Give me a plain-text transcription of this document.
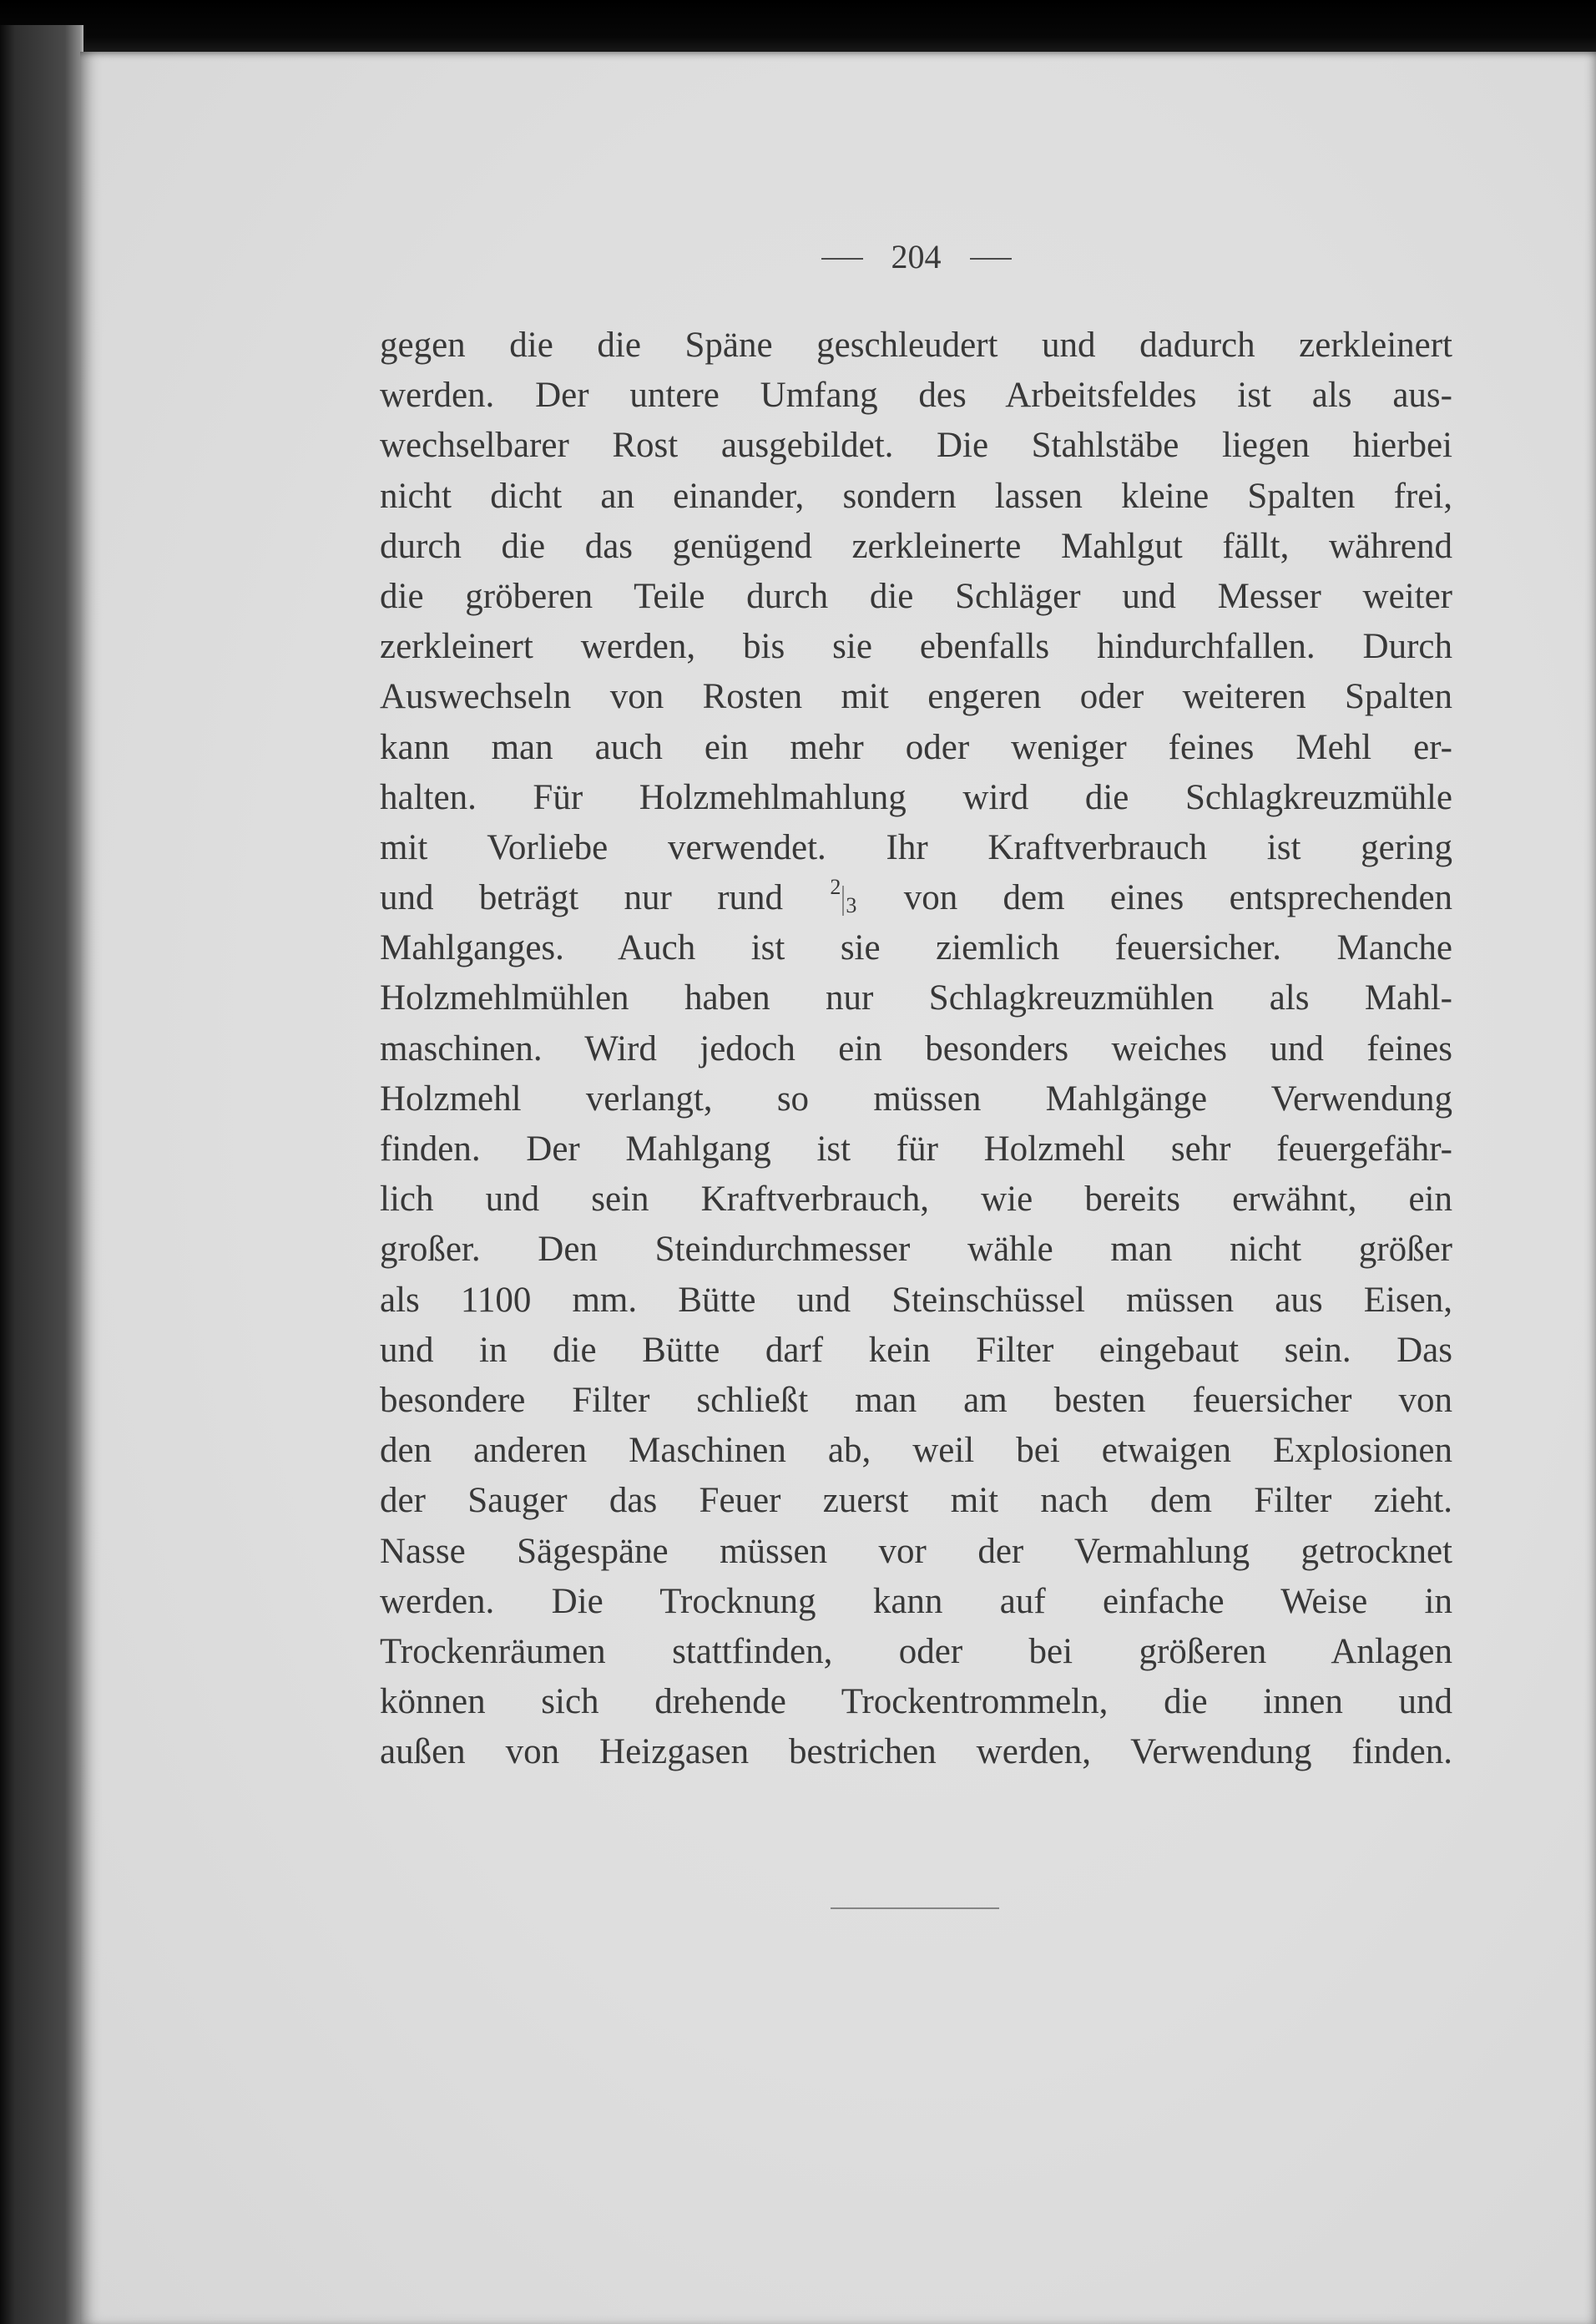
204
gegen die die Späne geschleudert und dadurch zerkleinert
werden. Der untere Umfang des Arbeitsfeldes ist als aus-
wechselbarer Rost ausgebildet. Die Stahlstäbe liegen hierbei
nicht dicht an einander, sondern lassen kleine Spalten frei,
durch die das genügend zerkleinerte Mahlgut fällt, während
die gröberen Teile durch die Schläger und Messer weiter
zerkleinert werden, bis sie ebenfalls hindurchfallen. Durch
Auswechseln von Rosten mit engeren oder weiteren Spalten
kann man auch ein mehr oder weniger feines Mehl er-
halten. Für Holzmehlmahlung wird die Schlagkreuzmühle
mit Vorliebe verwendet. Ihr Kraftverbrauch ist gering
und beträgt nur rund 23 von dem eines entsprechenden
Mahlganges. Auch ist sie ziemlich feuersicher. Manche
Holzmehlmühlen haben nur Schlagkreuzmühlen als Mahl-
maschinen. Wird jedoch ein besonders weiches und feines
Holzmehl verlangt, so müssen Mahlgänge Verwendung
finden. Der Mahlgang ist für Holzmehl sehr feuergefähr-
lich und sein Kraftverbrauch, wie bereits erwähnt, ein
großer. Den Steindurchmesser wähle man nicht größer
als 1100 mm. Bütte und Steinschüssel müssen aus Eisen,
und in die Bütte darf kein Filter eingebaut sein. Das
besondere Filter schließt man am besten feuersicher von
den anderen Maschinen ab, weil bei etwaigen Explosionen
der Sauger das Feuer zuerst mit nach dem Filter zieht.
Nasse Sägespäne müssen vor der Vermahlung getrocknet
werden. Die Trocknung kann auf einfache Weise in
Trockenräumen stattfinden, oder bei größeren Anlagen
können sich drehende Trockentrommeln, die innen und
außen von Heizgasen bestrichen werden, Verwendung finden.
